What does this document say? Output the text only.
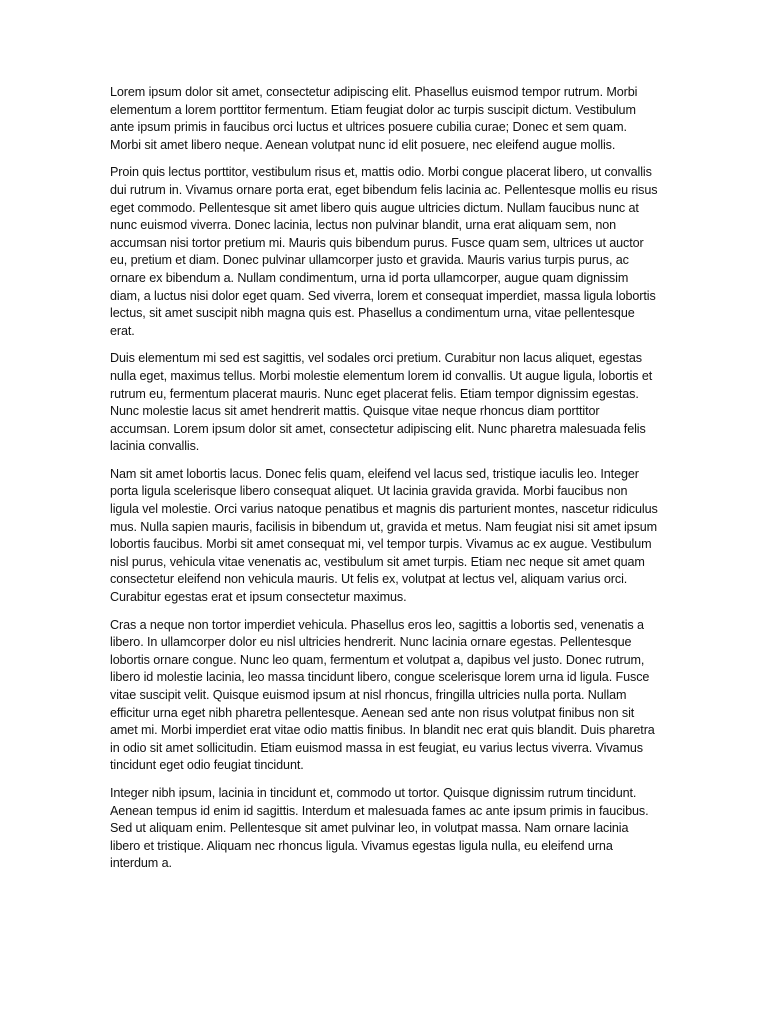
Lorem ipsum dolor sit amet, consectetur adipiscing elit. Phasellus euismod tempor rutrum. Morbi elementum a lorem porttitor fermentum. Etiam feugiat dolor ac turpis suscipit dictum. Vestibulum ante ipsum primis in faucibus orci luctus et ultrices posuere cubilia curae; Donec et sem quam. Morbi sit amet libero neque. Aenean volutpat nunc id elit posuere, nec eleifend augue mollis.

Proin quis lectus porttitor, vestibulum risus et, mattis odio. Morbi congue placerat libero, ut convallis dui rutrum in. Vivamus ornare porta erat, eget bibendum felis lacinia ac. Pellentesque mollis eu risus eget commodo. Pellentesque sit amet libero quis augue ultricies dictum. Nullam faucibus nunc at nunc euismod viverra. Donec lacinia, lectus non pulvinar blandit, urna erat aliquam sem, non accumsan nisi tortor pretium mi. Mauris quis bibendum purus. Fusce quam sem, ultrices ut auctor eu, pretium et diam. Donec pulvinar ullamcorper justo et gravida. Mauris varius turpis purus, ac ornare ex bibendum a. Nullam condimentum, urna id porta ullamcorper, augue quam dignissim diam, a luctus nisi dolor eget quam. Sed viverra, lorem et consequat imperdiet, massa ligula lobortis lectus, sit amet suscipit nibh magna quis est. Phasellus a condimentum urna, vitae pellentesque erat.

Duis elementum mi sed est sagittis, vel sodales orci pretium. Curabitur non lacus aliquet, egestas nulla eget, maximus tellus. Morbi molestie elementum lorem id convallis. Ut augue ligula, lobortis et rutrum eu, fermentum placerat mauris. Nunc eget placerat felis. Etiam tempor dignissim egestas. Nunc molestie lacus sit amet hendrerit mattis. Quisque vitae neque rhoncus diam porttitor accumsan. Lorem ipsum dolor sit amet, consectetur adipiscing elit. Nunc pharetra malesuada felis lacinia convallis.

Nam sit amet lobortis lacus. Donec felis quam, eleifend vel lacus sed, tristique iaculis leo. Integer porta ligula scelerisque libero consequat aliquet. Ut lacinia gravida gravida. Morbi faucibus non ligula vel molestie. Orci varius natoque penatibus et magnis dis parturient montes, nascetur ridiculus mus. Nulla sapien mauris, facilisis in bibendum ut, gravida et metus. Nam feugiat nisi sit amet ipsum lobortis faucibus. Morbi sit amet consequat mi, vel tempor turpis. Vivamus ac ex augue. Vestibulum nisl purus, vehicula vitae venenatis ac, vestibulum sit amet turpis. Etiam nec neque sit amet quam consectetur eleifend non vehicula mauris. Ut felis ex, volutpat at lectus vel, aliquam varius orci. Curabitur egestas erat et ipsum consectetur maximus.

Cras a neque non tortor imperdiet vehicula. Phasellus eros leo, sagittis a lobortis sed, venenatis a libero. In ullamcorper dolor eu nisl ultricies hendrerit. Nunc lacinia ornare egestas. Pellentesque lobortis ornare congue. Nunc leo quam, fermentum et volutpat a, dapibus vel justo. Donec rutrum, libero id molestie lacinia, leo massa tincidunt libero, congue scelerisque lorem urna id ligula. Fusce vitae suscipit velit. Quisque euismod ipsum at nisl rhoncus, fringilla ultricies nulla porta. Nullam efficitur urna eget nibh pharetra pellentesque. Aenean sed ante non risus volutpat finibus non sit amet mi. Morbi imperdiet erat vitae odio mattis finibus. In blandit nec erat quis blandit. Duis pharetra in odio sit amet sollicitudin. Etiam euismod massa in est feugiat, eu varius lectus viverra. Vivamus tincidunt eget odio feugiat tincidunt.

Integer nibh ipsum, lacinia in tincidunt et, commodo ut tortor. Quisque dignissim rutrum tincidunt. Aenean tempus id enim id sagittis. Interdum et malesuada fames ac ante ipsum primis in faucibus. Sed ut aliquam enim. Pellentesque sit amet pulvinar leo, in volutpat massa. Nam ornare lacinia libero et tristique. Aliquam nec rhoncus ligula. Vivamus egestas ligula nulla, eu eleifend urna interdum a.
